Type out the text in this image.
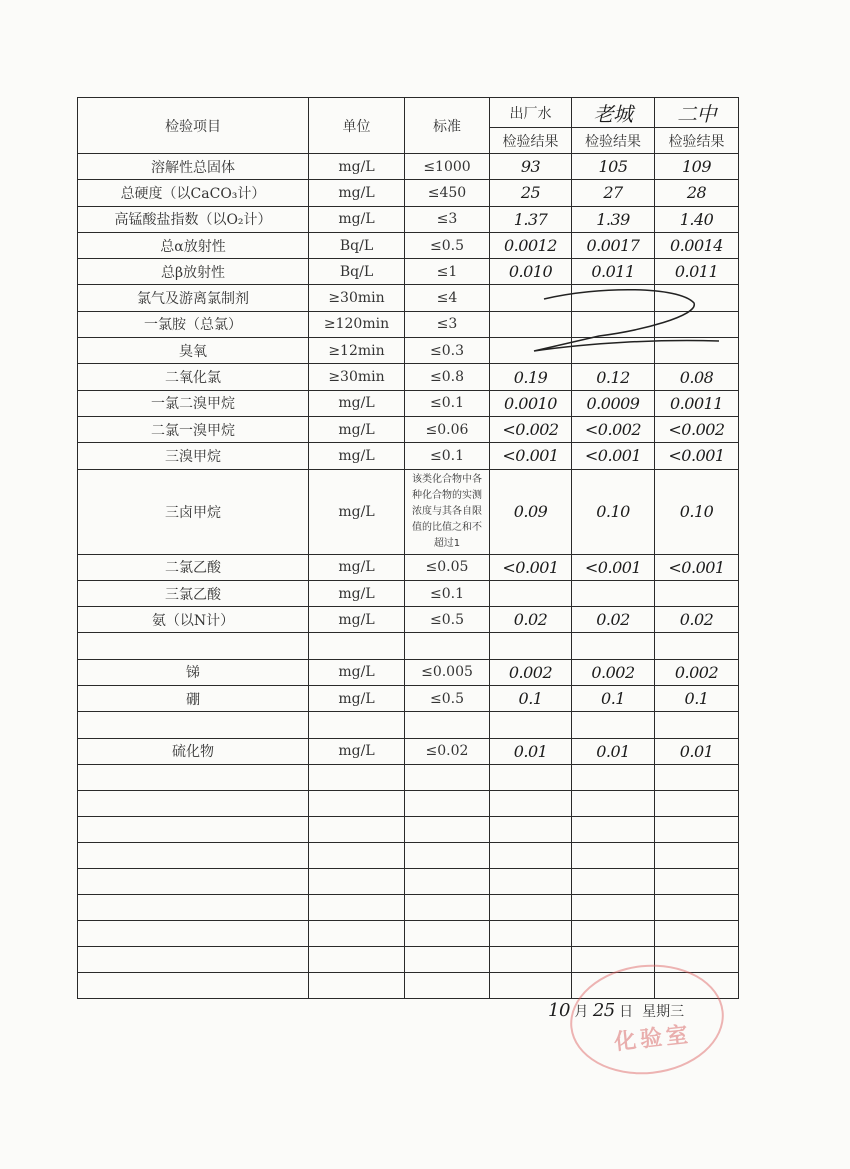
检验项目	单位	标准	出厂水	老城	二中
			检验结果	检验结果	检验结果
溶解性总固体	mg/L	≤1000	93	105	109
总硬度（以CaCO₃计）	mg/L	≤450	25	27	28
高锰酸盐指数（以O₂计）	mg/L	≤3	1.37	1.39	1.40
总α放射性	Bq/L	≤0.5	0.0012	0.0017	0.0014
总β放射性	Bq/L	≤1	0.010	0.011	0.011
氯气及游离氯制剂	≥30min	≤4			
一氯胺（总氯）	≥120min	≤3			
臭氧	≥12min	≤0.3			
二氧化氯	≥30min	≤0.8	0.19	0.12	0.08
一氯二溴甲烷	mg/L	≤0.1	0.0010	0.0009	0.0011
二氯一溴甲烷	mg/L	≤0.06	<0.002	<0.002	<0.002
三溴甲烷	mg/L	≤0.1	<0.001	<0.001	<0.001
三卤甲烷	mg/L	该类化合物中各种化合物的实测浓度与其各自限值的比值之和不超过1	0.09	0.10	0.10
二氯乙酸	mg/L	≤0.05	<0.001	<0.001	<0.001
三氯乙酸	mg/L	≤0.1			
氨（以N计）	mg/L	≤0.5	0.02	0.02	0.02

锑	mg/L	≤0.005	0.002	0.002	0.002
硼	mg/L	≤0.5	0.1	0.1	0.1

硫化物	mg/L	≤0.02	0.01	0.01	0.01

化验室
10 月 25 日 星期三
